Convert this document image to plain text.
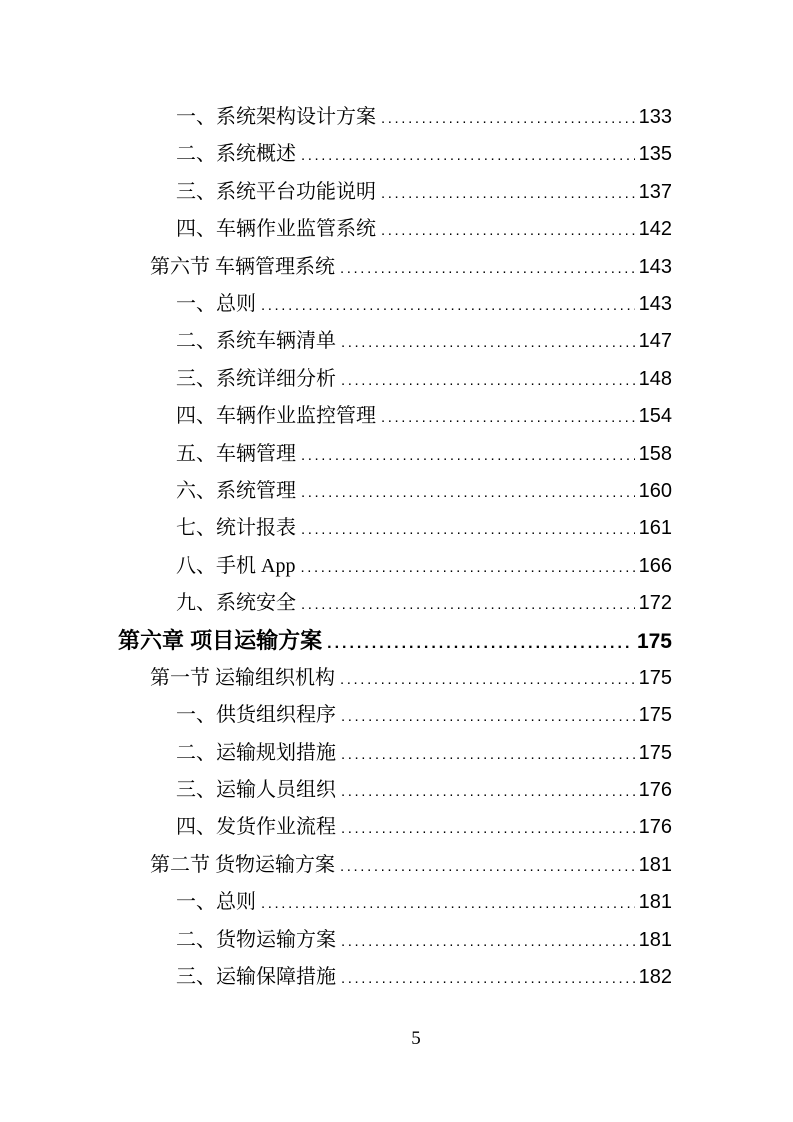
一、系统架构设计方案 .....	133
二、系统概述 .....	135
三、系统平台功能说明 .....	137
四、车辆作业监管系统 .....	142
第六节 车辆管理系统 .....	143
一、总则 .....	143
二、系统车辆清单 .....	147
三、系统详细分析 .....	148
四、车辆作业监控管理 .....	154
五、车辆管理 .....	158
六、系统管理 .....	160
七、统计报表 .....	161
八、手机 App .....	166
九、系统安全 .....	172
第六章 项目运输方案 .....	175
第一节 运输组织机构 .....	175
一、供货组织程序 .....	175
二、运输规划措施 .....	175
三、运输人员组织 .....	176
四、发货作业流程 .....	176
第二节 货物运输方案 .....	181
一、总则 .....	181
二、货物运输方案 .....	181
三、运输保障措施 .....	182
5
